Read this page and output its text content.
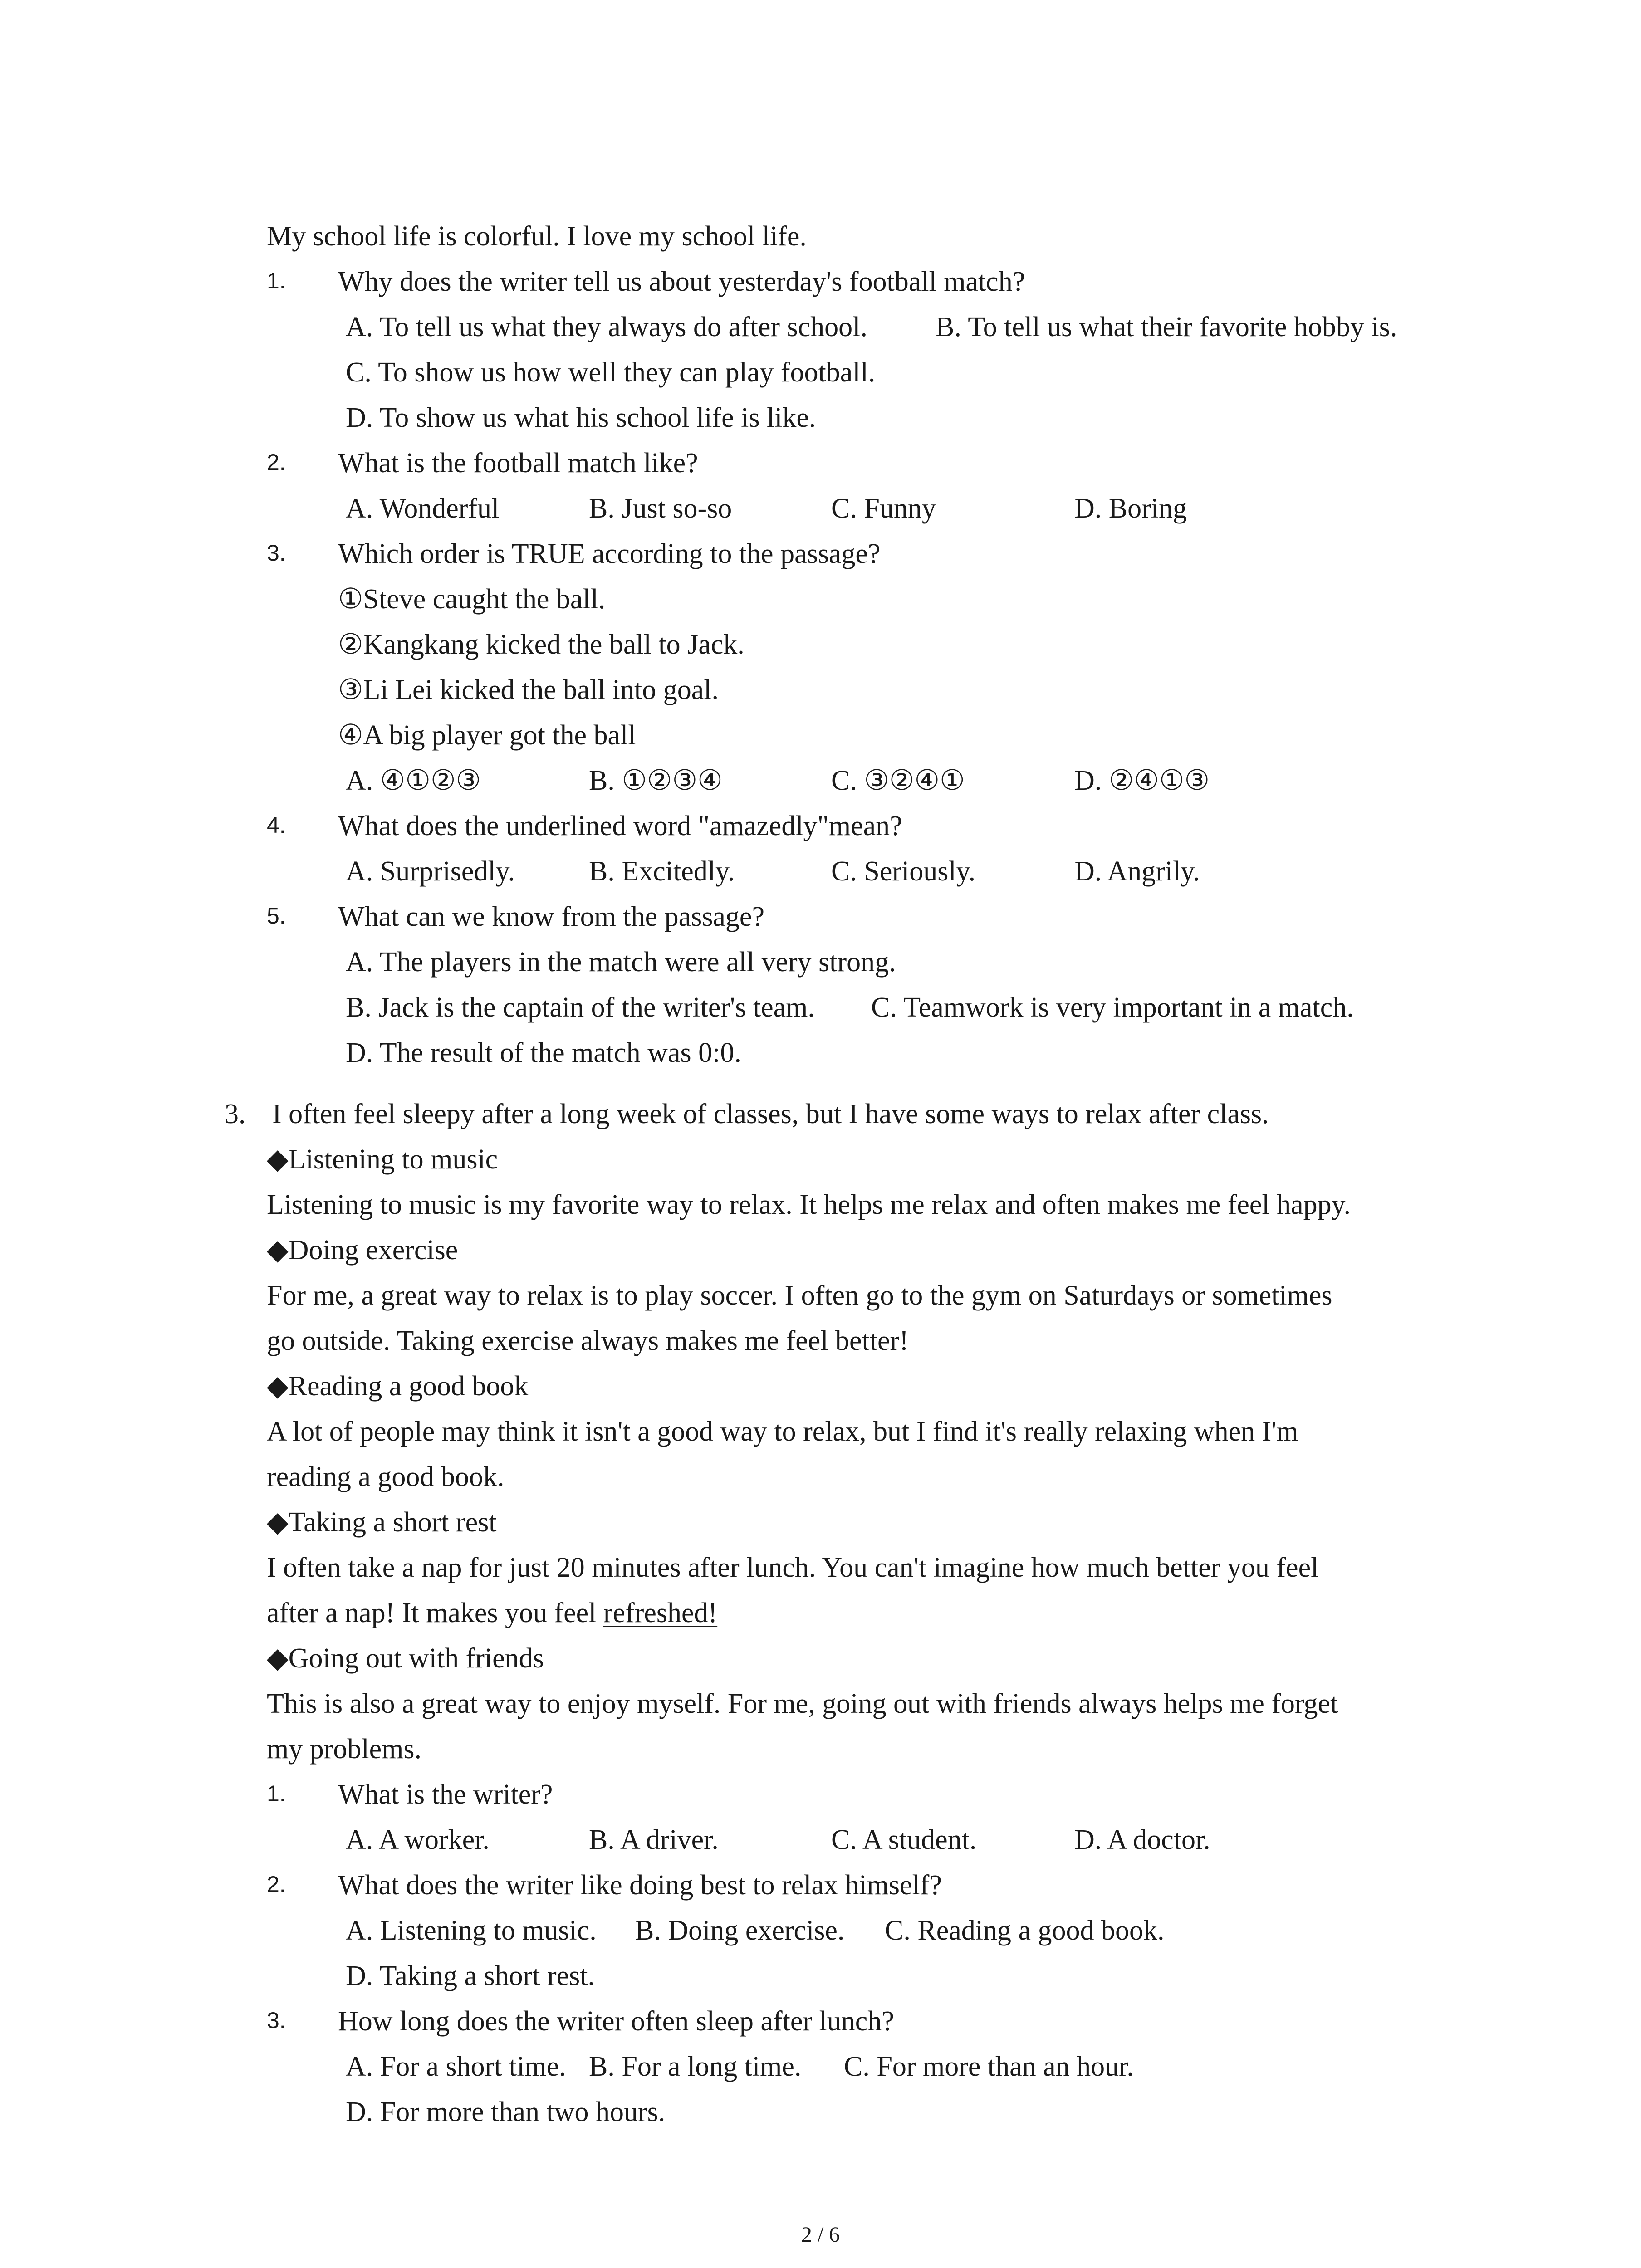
My school life is colorful. I love my school life.
1. Why does the writer tell us about yesterday's football match?
A. To tell us what they always do after school. B. To tell us what their favorite hobby is.
C. To show us how well they can play football.
D. To show us what his school life is like.
2. What is the football match like?
A. Wonderful	B. Just so-so	C. Funny	D. Boring
3. Which order is TRUE according to the passage?
①Steve caught the ball.
②Kangkang kicked the ball to Jack.
③Li Lei kicked the ball into goal.
④A big player got the ball
A. ④①②③	B. ①②③④	C. ③②④①	D. ②④①③
4. What does the underlined word "amazedly"mean?
A. Surprisedly.	B. Excitedly.	C. Seriously.	D. Angrily.
5. What can we know from the passage?
A. The players in the match were all very strong.
B. Jack is the captain of the writer's team. C. Teamwork is very important in a match.
D. The result of the match was 0:0.
3. I often feel sleepy after a long week of classes, but I have some ways to relax after class.
◆Listening to music
Listening to music is my favorite way to relax. It helps me relax and often makes me feel happy.
◆Doing exercise
For me, a great way to relax is to play soccer. I often go to the gym on Saturdays or sometimes
go outside. Taking exercise always makes me feel better!
◆Reading a good book
A lot of people may think it isn't a good way to relax, but I find it's really relaxing when I'm
reading a good book.
◆Taking a short rest
I often take a nap for just 20 minutes after lunch. You can't imagine how much better you feel
after a nap! It makes you feel refreshed!
◆Going out with friends
This is also a great way to enjoy myself. For me, going out with friends always helps me forget
my problems.
1. What is the writer?
A. A worker.	B. A driver.	C. A student.	D. A doctor.
2. What does the writer like doing best to relax himself?
A. Listening to music. B. Doing exercise. C. Reading a good book.
D. Taking a short rest.
3. How long does the writer often sleep after lunch?
A. For a short time. B. For a long time. C. For more than an hour.
D. For more than two hours.
2 / 6
